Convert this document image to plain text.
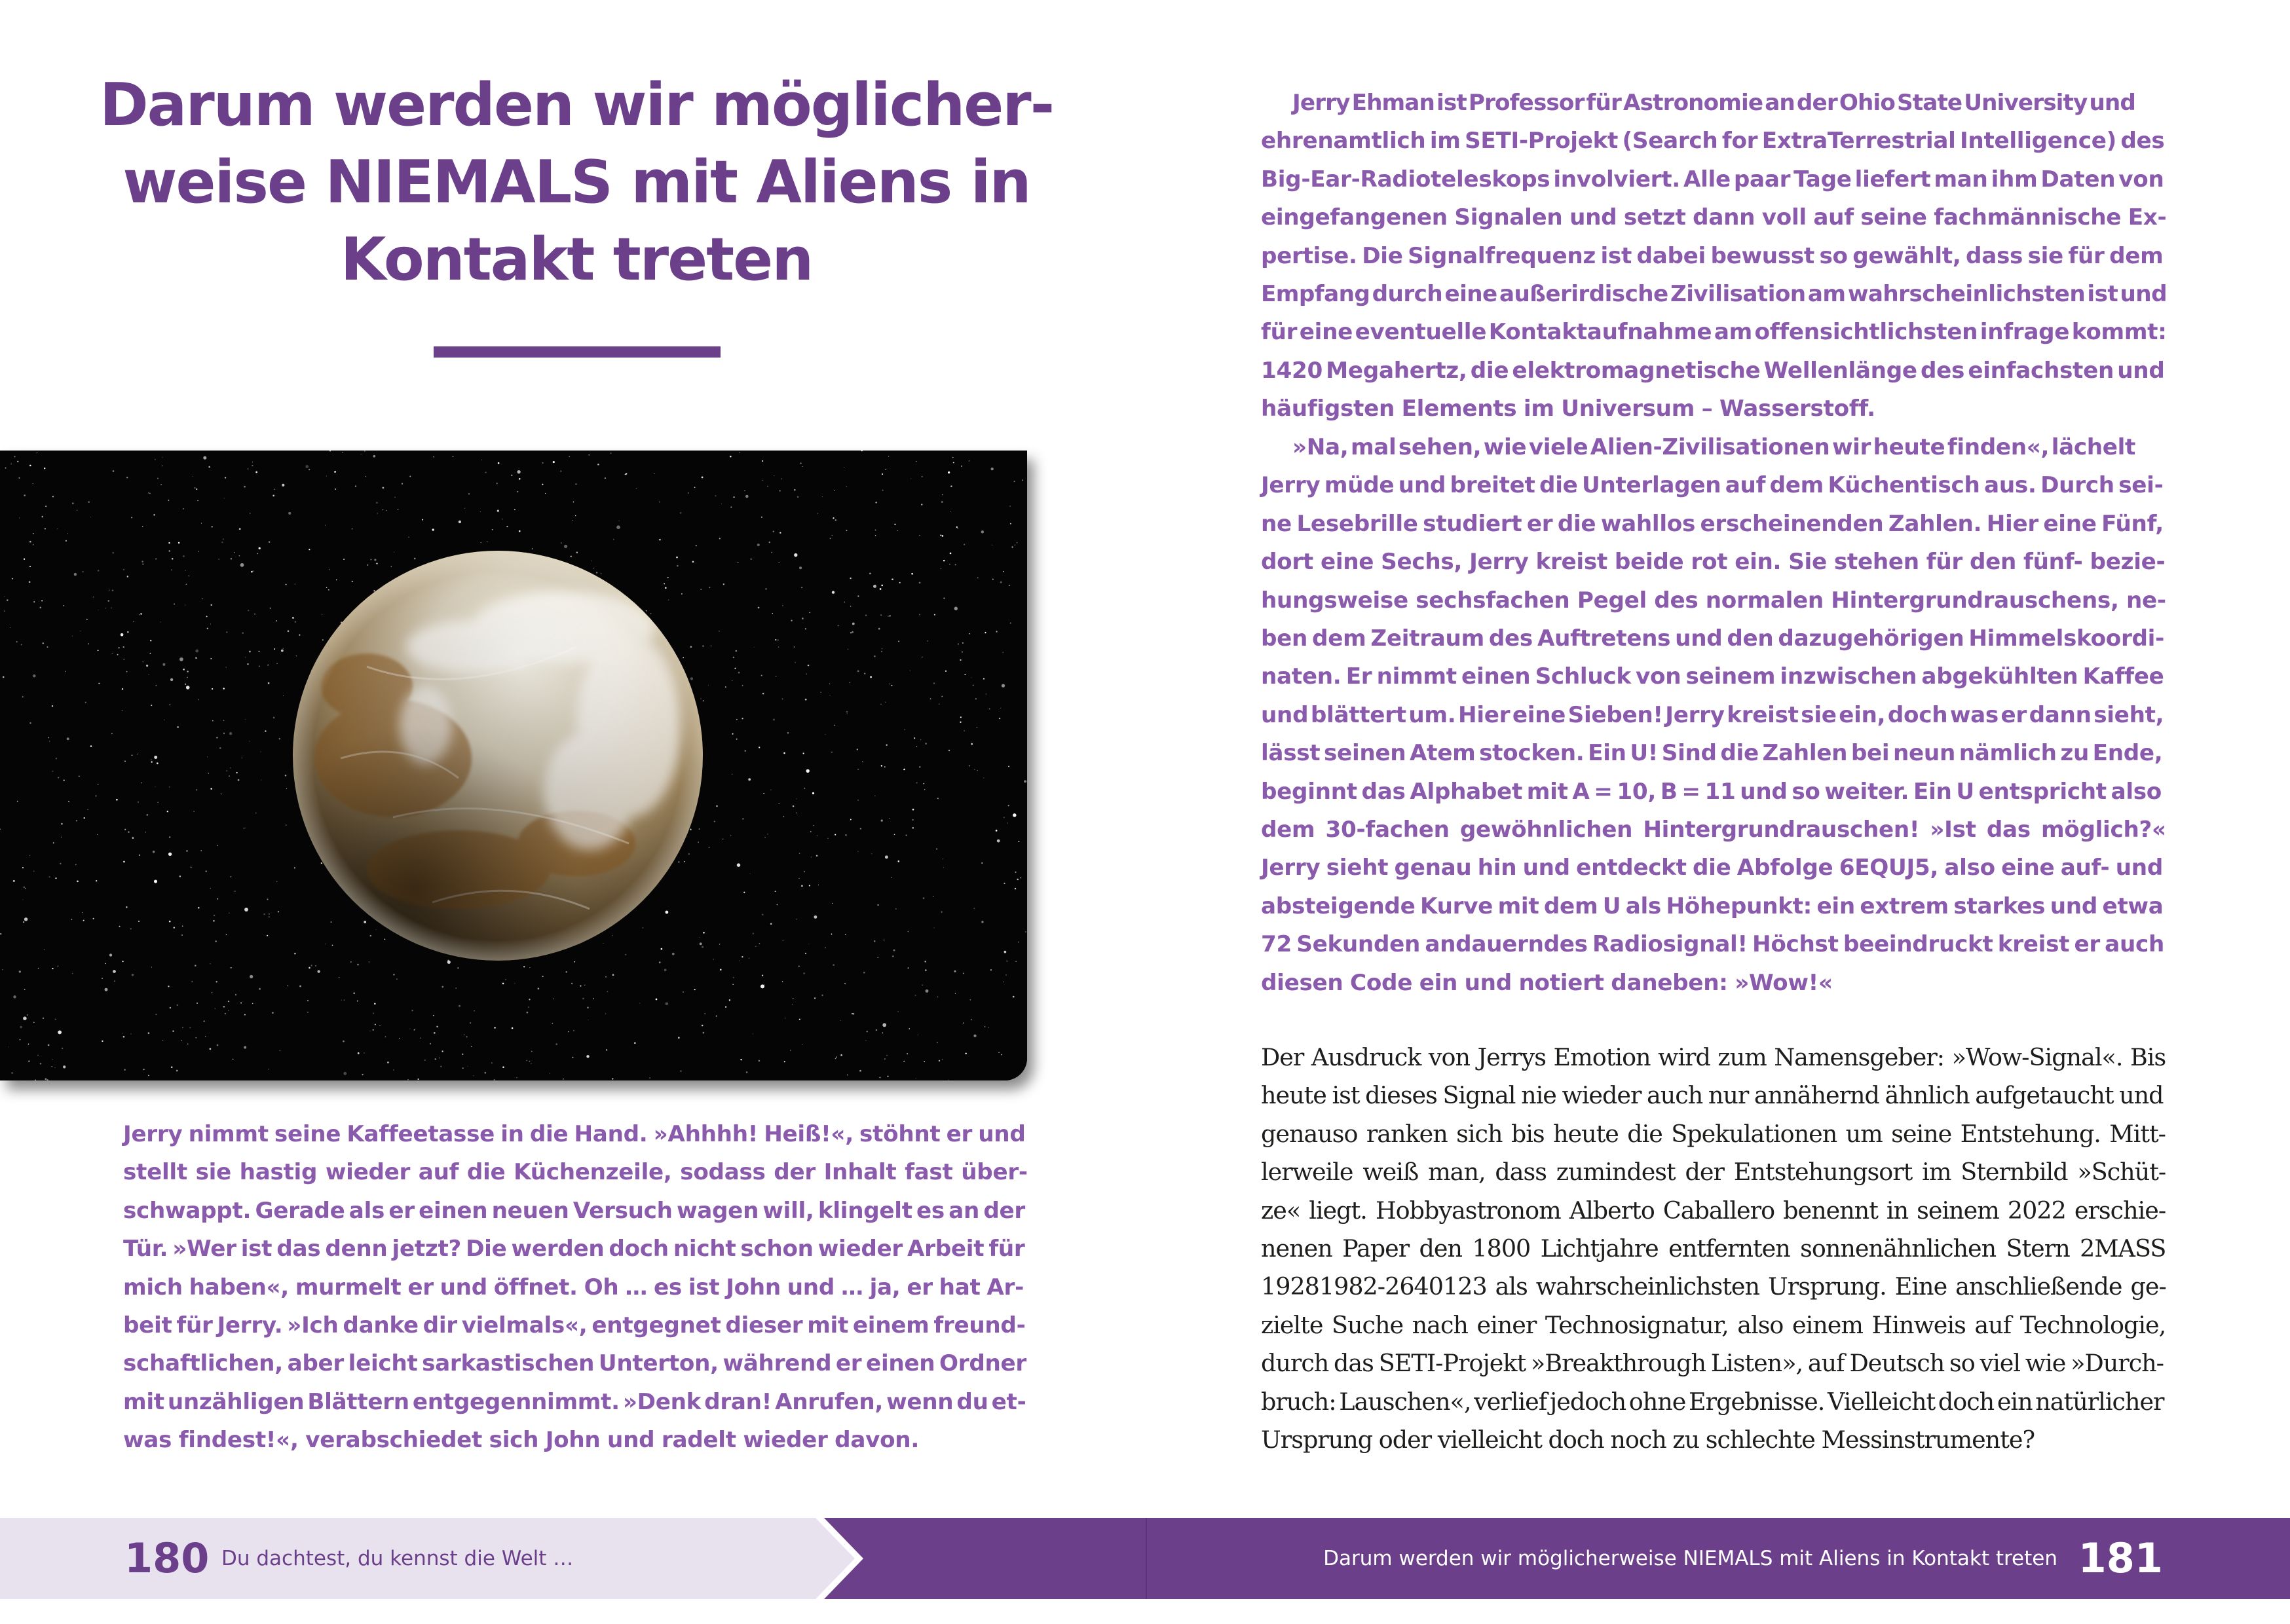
Darum werden wir möglicher-
weise NIEMALS mit Aliens in
Kontakt treten

Jerry nimmt seine Kaffeetasse in die Hand. »Ahhhh! Heiß!«, stöhnt er und
stellt sie hastig wieder auf die Küchenzeile, sodass der Inhalt fast über-
schwappt. Gerade als er einen neuen Versuch wagen will, klingelt es an der
Tür. »Wer ist das denn jetzt? Die werden doch nicht schon wieder Arbeit für
mich haben«, murmelt er und öffnet. Oh … es ist John und … ja, er hat Ar-
beit für Jerry. »Ich danke dir vielmals«, entgegnet dieser mit einem freund-
schaftlichen, aber leicht sarkastischen Unterton, während er einen Ordner
mit unzähligen Blättern entgegennimmt. »Denk dran! Anrufen, wenn du et-
was findest!«, verabschiedet sich John und radelt wieder davon.

Jerry Ehman ist Professor für Astronomie an der Ohio State University und
ehrenamtlich im SETI-Projekt (Search for ExtraTerrestrial Intelligence) des
Big-Ear-Radioteleskops involviert. Alle paar Tage liefert man ihm Daten von
eingefangenen Signalen und setzt dann voll auf seine fachmännische Ex-
pertise. Die Signalfrequenz ist dabei bewusst so gewählt, dass sie für dem
Empfang durch eine außerirdische Zivilisation am wahrscheinlichsten ist und
für eine eventuelle Kontaktaufnahme am offensichtlichsten infrage kommt:
1420 Megahertz, die elektromagnetische Wellenlänge des einfachsten und
häufigsten Elements im Universum – Wasserstoff.

»Na, mal sehen, wie viele Alien-Zivilisationen wir heute finden«, lächelt
Jerry müde und breitet die Unterlagen auf dem Küchentisch aus. Durch sei-
ne Lesebrille studiert er die wahllos erscheinenden Zahlen. Hier eine Fünf,
dort eine Sechs, Jerry kreist beide rot ein. Sie stehen für den fünf- bezie-
hungsweise sechsfachen Pegel des normalen Hintergrundrauschens, ne-
ben dem Zeitraum des Auftretens und den dazugehörigen Himmelskoordi-
naten. Er nimmt einen Schluck von seinem inzwischen abgekühlten Kaffee
und blättert um. Hier eine Sieben! Jerry kreist sie ein, doch was er dann sieht,
lässt seinen Atem stocken. Ein U! Sind die Zahlen bei neun nämlich zu Ende,
beginnt das Alphabet mit A = 10, B = 11 und so weiter. Ein U entspricht also
dem 30-fachen gewöhnlichen Hintergrundrauschen! »Ist das möglich?«
Jerry sieht genau hin und entdeckt die Abfolge 6EQUJ5, also eine auf- und
absteigende Kurve mit dem U als Höhepunkt: ein extrem starkes und etwa
72 Sekunden andauerndes Radiosignal! Höchst beeindruckt kreist er auch
diesen Code ein und notiert daneben: »Wow!«

Der Ausdruck von Jerrys Emotion wird zum Namensgeber: »Wow-Signal«. Bis
heute ist dieses Signal nie wieder auch nur annähernd ähnlich aufgetaucht und
genauso ranken sich bis heute die Spekulationen um seine Entstehung. Mitt-
lerweile weiß man, dass zumindest der Entstehungsort im Sternbild »Schüt-
ze« liegt. Hobbyastronom Alberto Caballero benennt in seinem 2022 erschie-
nenen Paper den 1800 Lichtjahre entfernten sonnenähnlichen Stern 2MASS
19281982-2640123 als wahrscheinlichsten Ursprung. Eine anschließende ge-
zielte Suche nach einer Technosignatur, also einem Hinweis auf Technologie,
durch das SETI-Projekt »Breakthrough Listen», auf Deutsch so viel wie »Durch-
bruch: Lauschen«, verlief jedoch ohne Ergebnisse. Vielleicht doch ein natürlicher
Ursprung oder vielleicht doch noch zu schlechte Messinstrumente?

180 Du dachtest, du kennst die Welt …	Darum werden wir möglicherweise NIEMALS mit Aliens in Kontakt treten 181
